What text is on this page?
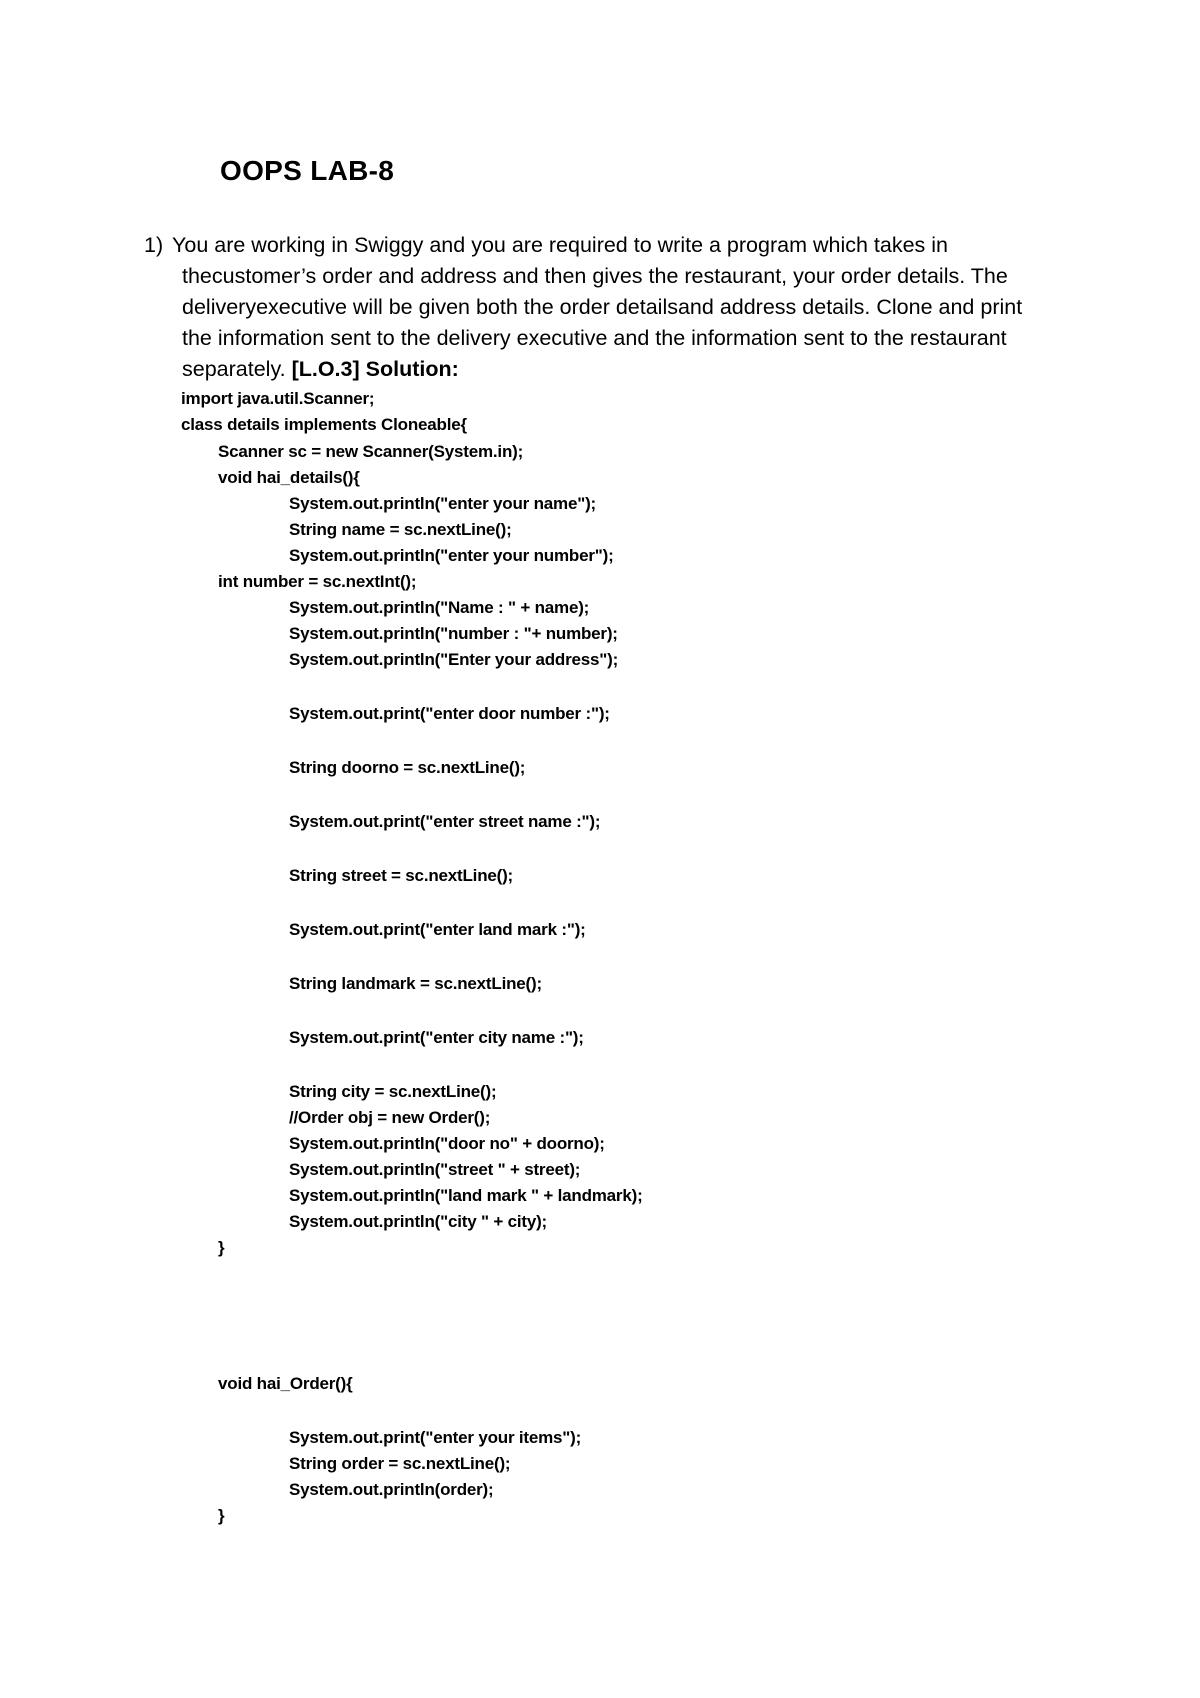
OOPS LAB-8
1) You are working in Swiggy and you are required to write a program which takes in
thecustomer’s order and address and then gives the restaurant, your order details. The
deliveryexecutive will be given both the order detailsand address details. Clone and print
the information sent to the delivery executive and the information sent to the restaurant
separately. [L.O.3] Solution:
import java.util.Scanner;
class details implements Cloneable{
Scanner sc = new Scanner(System.in);
void hai_details(){
System.out.println("enter your name");
String name = sc.nextLine();
System.out.println("enter your number");
int number = sc.nextInt();
System.out.println("Name : " + name);
System.out.println("number : "+ number);
System.out.println("Enter your address");
System.out.print("enter door number :");
String doorno = sc.nextLine();
System.out.print("enter street name :");
String street = sc.nextLine();
System.out.print("enter land mark :");
String landmark = sc.nextLine();
System.out.print("enter city name :");
String city = sc.nextLine();
//Order obj = new Order();
System.out.println("door no" + doorno);
System.out.println("street " + street);
System.out.println("land mark " + landmark);
System.out.println("city " + city);
}
void hai_Order(){
System.out.print("enter your items");
String order = sc.nextLine();
System.out.println(order);
}
